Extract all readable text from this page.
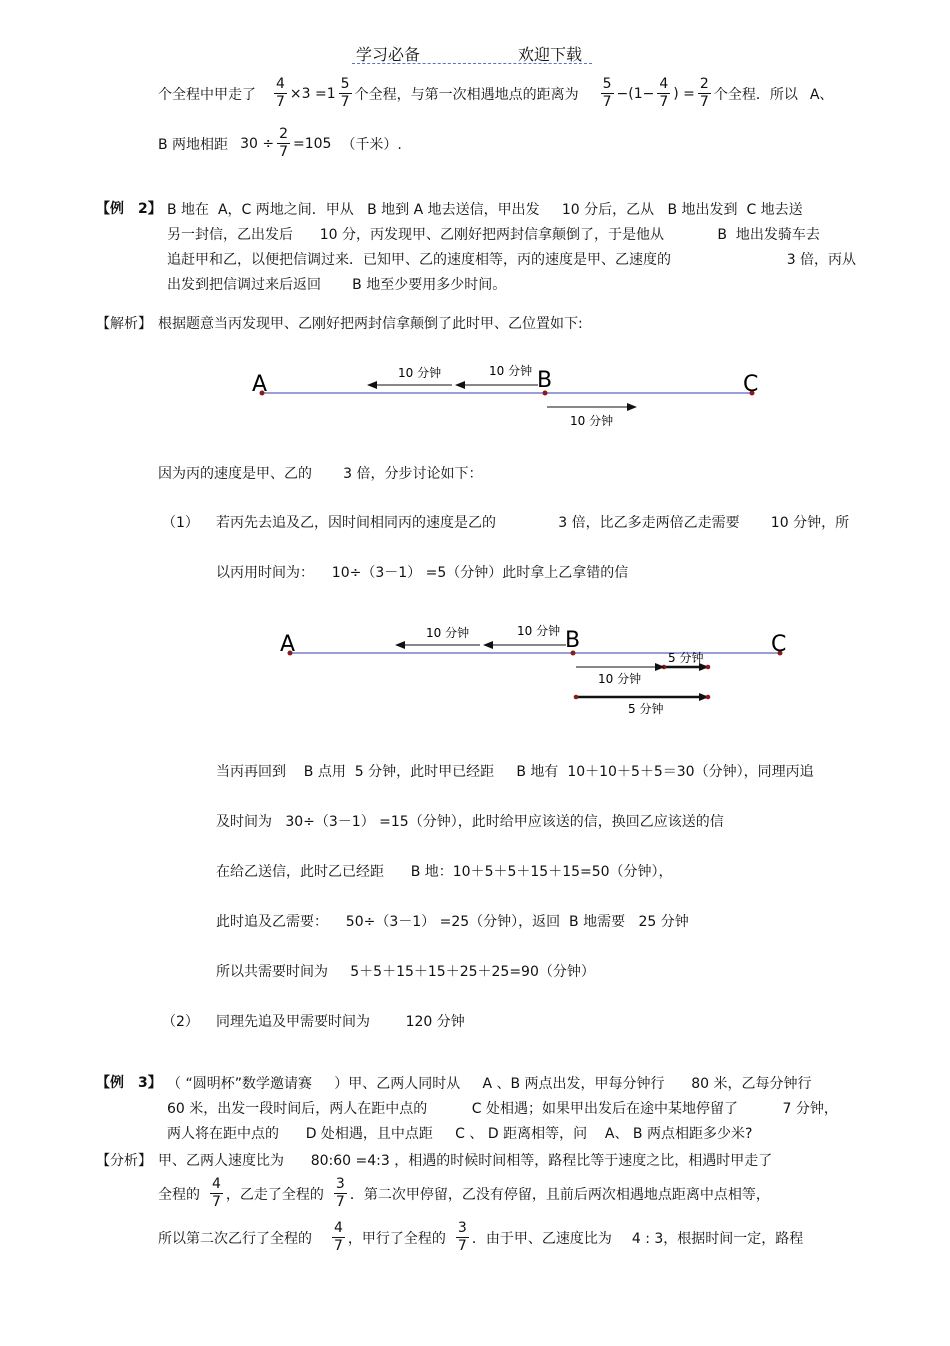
学习必备	欢迎下载
个全程中甲走了 $\frac{4}{7} \times 3 =1 \frac{5}{7}$ 个全程，与第一次相遇地点的距离为 $\frac{5}{7} -(1- \frac{4}{7}$ ) = $\frac{2}{7}$ 个全程．所以 A、
B 两地相距 $30 \div \frac{2}{7} =105$ （千米）.
【例　2】 B 地在  A，C 两地之间．甲从   B 地到 A 地去送信，甲出发     10 分后，乙从   B 地出发到  C 地去送
另一封信，乙出发后      10 分，丙发现甲、乙刚好把两封信拿颠倒了，于是他从            B  地出发骑车去
追赶甲和乙，以便把信调过来．已知甲、乙的速度相等，丙的速度是甲、乙速度的                          3 倍，丙从
出发到把信调过来后返回       B 地至少要用多少时间。
【解析】 根据题意当丙发现甲、乙刚好把两封信拿颠倒了此时甲、乙位置如下:
A	B	C
10 分钟	10 分钟
10 分钟
因为丙的速度是甲、乙的       3 倍，分步讨论如下：
（1） 若丙先去追及乙，因时间相同丙的速度是乙的              3 倍，比乙多走两倍乙走需要       10 分钟，所
以丙用时间为：    10÷（3－1） =5（分钟）此时拿上乙拿错的信
A	B	C
10 分钟	10 分钟
5 分钟
10 分钟
5 分钟
当丙再回到    B 点用  5 分钟，此时甲已经距     B 地有  10＋10＋5＋5＝30（分钟），同理丙追
及时间为   30÷（3－1） =15（分钟），此时给甲应该送的信，换回乙应该送的信
在给乙送信，此时乙已经距      B 地：10＋5＋5＋15＋15=50（分钟），
此时追及乙需要：    50÷（3－1） =25（分钟），返回  B 地需要   25 分钟
所以共需要时间为     5＋5＋15＋15＋25＋25=90（分钟）
（2） 同理先追及甲需要时间为        120 分钟
【例　3】 （ “圆明杯”数学邀请赛     ）甲、乙两人同时从     A 、B 两点出发，甲每分钟行      80 米，乙每分钟行
60 米，出发一段时间后，两人在距中点的          C 处相遇；如果甲出发后在途中某地停留了          7 分钟，
两人将在距中点的      D 处相遇，且中点距     C 、 D 距离相等，问    A、 B 两点相距多少米?
【分析】 甲、乙两人速度比为      80:60 =4:3 ，相遇的时候时间相等，路程比等于速度之比，相遇时甲走了
全程的 $\frac{4}{7}$ ，乙走了全程的 $\frac{3}{7}$ ．第二次甲停留，乙没有停留，且前后两次相遇地点距离中点相等，
所以第二次乙行了全程的 $\frac{4}{7}$ ，甲行了全程的 $\frac{3}{7}$ ．由于甲、乙速度比为 4 : 3，根据时间一定，路程
